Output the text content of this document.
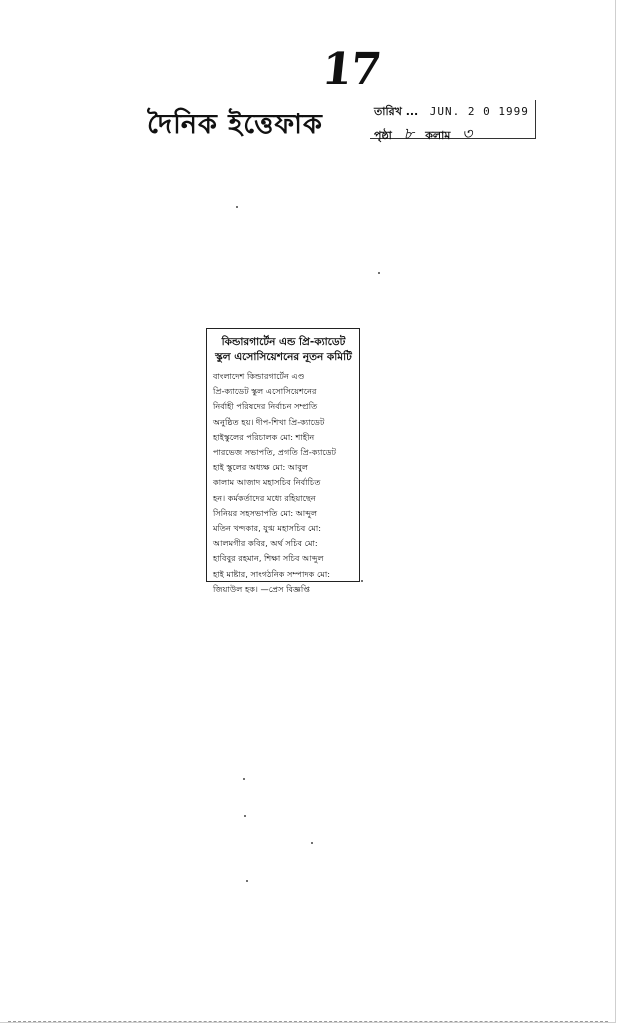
17
দৈনিক ইত্তেফাক	তারিখ ... JUN. 2 0 1999
পৃষ্ঠা ৮ কলাম ৩
কিন্ডারগার্টেন এন্ড প্রি-ক্যাডেট স্কুল এসোসিয়েশনের নূতন কমিটি

বাংলাদেশ কিন্ডারগার্টেন এণ্ড

প্রি-ক্যাডেট স্কুল এসোসিয়েশনের

নির্বাহী পরিষদের নির্বাচন সম্প্রতি

অনুষ্ঠিত হয়। দীপ-শিখা প্রি-ক্যাডেট

হাইস্কুলের পরিচালক মো: শাহীন

পারভেজ সভাপতি, প্রগতি প্রি-ক্যাডেট

হাই স্কুলের অধ্যক্ষ মো: আবুল

কালাম আজাদ মহাসচিব নির্বাচিত

হন। কর্মকর্তাদের মধ্যে রহিয়াছেন

সিনিয়র সহসভাপতি মো: আব্দুল

মতিন খন্দকার, যুগ্ম মহাসচিব মো:

আলমগীর কবির, অর্থ সচিব মো:

হাবিবুর রহমান, শিক্ষা সচিব আব্দুল

হাই মাষ্টার, সাংগঠনিক সম্পাদক মো:

জিয়াউল হক। —প্রেস বিজ্ঞপ্তি
